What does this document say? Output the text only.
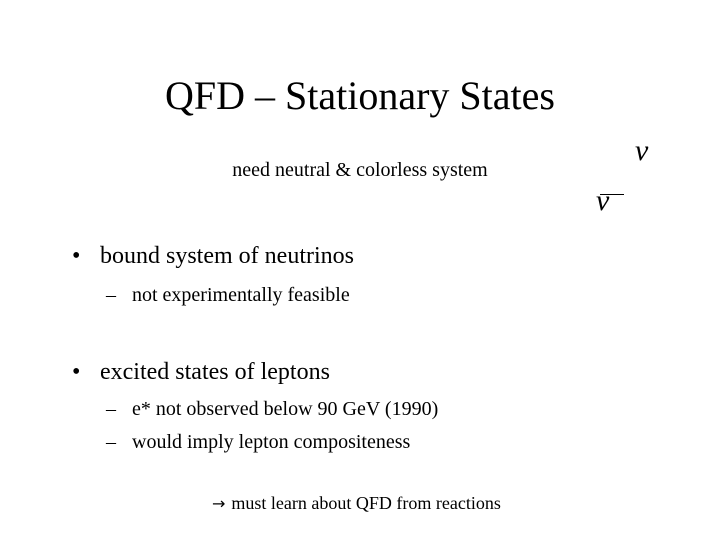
QFD – Stationary States
need neutral & colorless system
ν
ν
• bound system of neutrinos
– not experimentally feasible
• excited states of leptons
– e* not observed below 90 GeV (1990)
– would imply lepton compositeness
→ must learn about QFD from reactions
